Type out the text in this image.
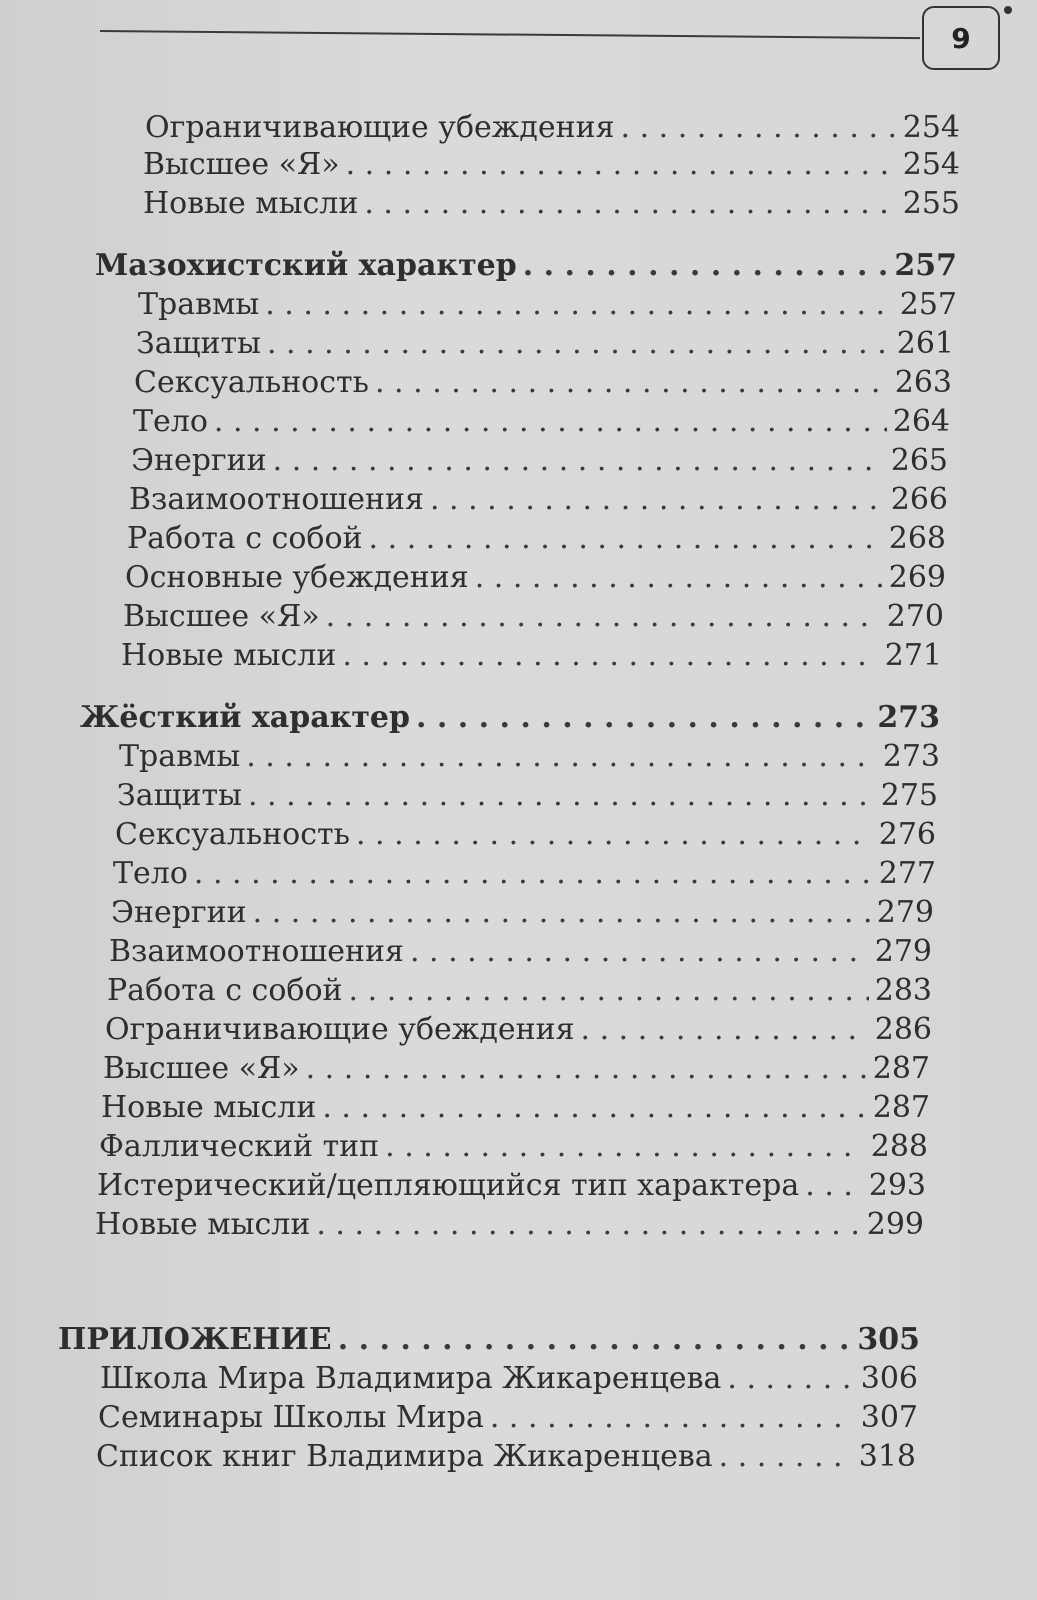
9
Ограничивающие убеждения . . .	254
Высшее «Я» . . .	254
Новые мысли . . .	255
Мазохистский характер . . .	257
Травмы . . .	257
Защиты . . .	261
Сексуальность . . .	263
Тело . . .	264
Энергии . . .	265
Взаимоотношения . . .	266
Работа с собой . . .	268
Основные убеждения . . .	269
Высшее «Я» . . .	270
Новые мысли . . .	271
Жёсткий характер . . .	273
Травмы . . .	273
Защиты . . .	275
Сексуальность . . .	276
Тело . . .	277
Энергии . . .	279
Взаимоотношения . . .	279
Работа с собой . . .	283
Ограничивающие убеждения . . .	286
Высшее «Я» . . .	287
Новые мысли . . .	287
Фаллический тип . . .	288
Истерический/цепляющийся тип характера . . . 293
Новые мысли . . .	299
ПРИЛОЖЕНИЕ . . .	305
Школа Мира Владимира Жикаренцева . . .	306
Семинары Школы Мира . . .	307
Список книг Владимира Жикаренцева . . .	318
